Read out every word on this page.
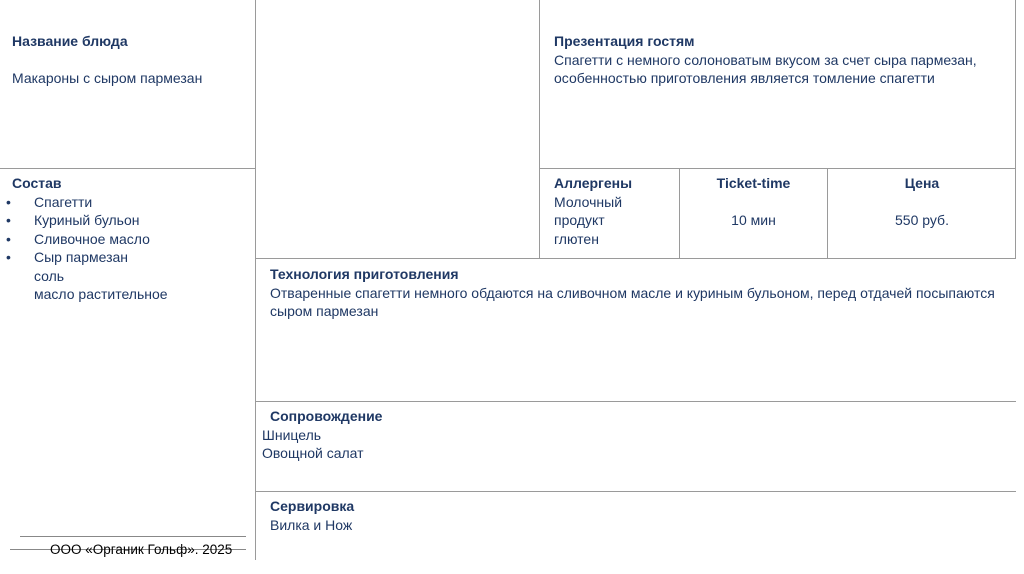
Название блюда
Макароны с сыром пармезан
Презентация гостям
Спагетти с немного солоноватым вкусом за счет сыра пармезан, особенностью приготовления является томление спагетти
Состав
• Спагетти
• Куриный бульон
• Сливочное масло
• Сыр пармезан
соль
масло растительное
Аллергены
Молочный
продукт
глютен
Ticket-time
10 мин
Цена
550 руб.
Технология приготовления
Отваренные спагетти немного обдаются на сливочном масле и куриным бульоном, перед отдачей посыпаются сыром пармезан
Сопровождение
Шницель
Овощной салат
Сервировка
Вилка и Нож
ООО «Органик Гольф». 2025
